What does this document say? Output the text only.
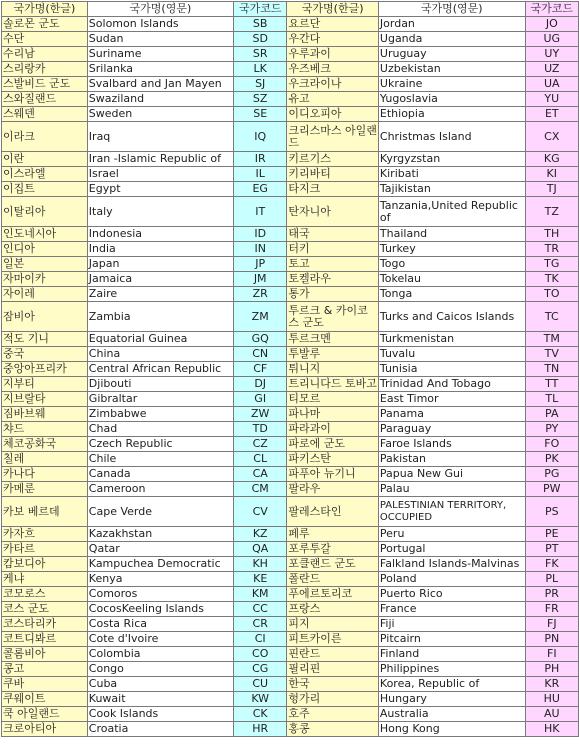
국가명(한글)	국가명(영문)	국가코드	국가명(한글)	국가명(영문)	국가코드
솔로몬 군도	Solomon Islands	SB	요르단	Jordan	JO
수단	Sudan	SD	우간다	Uganda	UG
수리남	Suriname	SR	우루과이	Uruguay	UY
스리랑카	Srilanka	LK	우즈베크	Uzbekistan	UZ
스발비드 군도	Svalbard and Jan Mayen	SJ	우크라이나	Ukraine	UA
스와질랜드	Swaziland	SZ	유고	Yugoslavia	YU
스웨덴	Sweden	SE	이디오피아	Ethiopia	ET
이라크	Iraq	IQ	크리스마스 아일랜드	Christmas Island	CX
이란	Iran -Islamic Republic of	IR	키르기스	Kyrgyzstan	KG
이스라엘	Israel	IL	키리바티	Kiribati	KI
이집트	Egypt	EG	타지크	Tajikistan	TJ
이탈리아	Italy	IT	탄자니아	Tanzania,United Republic of	TZ
인도네시아	Indonesia	ID	태국	Thailand	TH
인디아	India	IN	터키	Turkey	TR
일본	Japan	JP	토고	Togo	TG
자마이카	Jamaica	JM	토켈라우	Tokelau	TK
자이레	Zaire	ZR	통가	Tonga	TO
잠비아	Zambia	ZM	투르크 & 카이코스 군도	Turks and Caicos Islands	TC
적도 기니	Equatorial Guinea	GQ	투르크멘	Turkmenistan	TM
중국	China	CN	투발루	Tuvalu	TV
중앙아프리카	Central African Republic	CF	튀니지	Tunisia	TN
지부티	Djibouti	DJ	트리니다드 토바고	Trinidad And Tobago	TT
지브랄타	Gibraltar	GI	티모르	East Timor	TL
짐바브웨	Zimbabwe	ZW	파나마	Panama	PA
챠드	Chad	TD	파라과이	Paraguay	PY
체코공화국	Czech Republic	CZ	파로에 군도	Faroe Islands	FO
칠레	Chile	CL	파키스탄	Pakistan	PK
카나다	Canada	CA	파푸아 뉴기니	Papua New Gui	PG
카메룬	Cameroon	CM	팔라우	Palau	PW
카보 베르데	Cape Verde	CV	팔레스타인	PALESTINIAN TERRITORY, OCCUPIED	PS
카자흐	Kazakhstan	KZ	페루	Peru	PE
카타르	Qatar	QA	포루투갈	Portugal	PT
캄보디아	Kampuchea Democratic	KH	포클랜드 군도	Falkland Islands-Malvinas	FK
케냐	Kenya	KE	폴란드	Poland	PL
코모로스	Comoros	KM	푸에르토리코	Puerto Rico	PR
코스 군도	CocosKeeling Islands	CC	프랑스	France	FR
코스타리카	Costa Rica	CR	피지	Fiji	FJ
코트디봐르	Cote d'Ivoire	CI	피트카이른	Pitcairn	PN
콜롬비아	Colombia	CO	핀란드	Finland	FI
콩고	Congo	CG	필리핀	Philippines	PH
쿠바	Cuba	CU	한국	Korea, Republic of	KR
쿠웨이트	Kuwait	KW	헝가리	Hungary	HU
쿡 아일랜드	Cook Islands	CK	호주	Australia	AU
크로아티아	Croatia	HR	홍콩	Hong Kong	HK
